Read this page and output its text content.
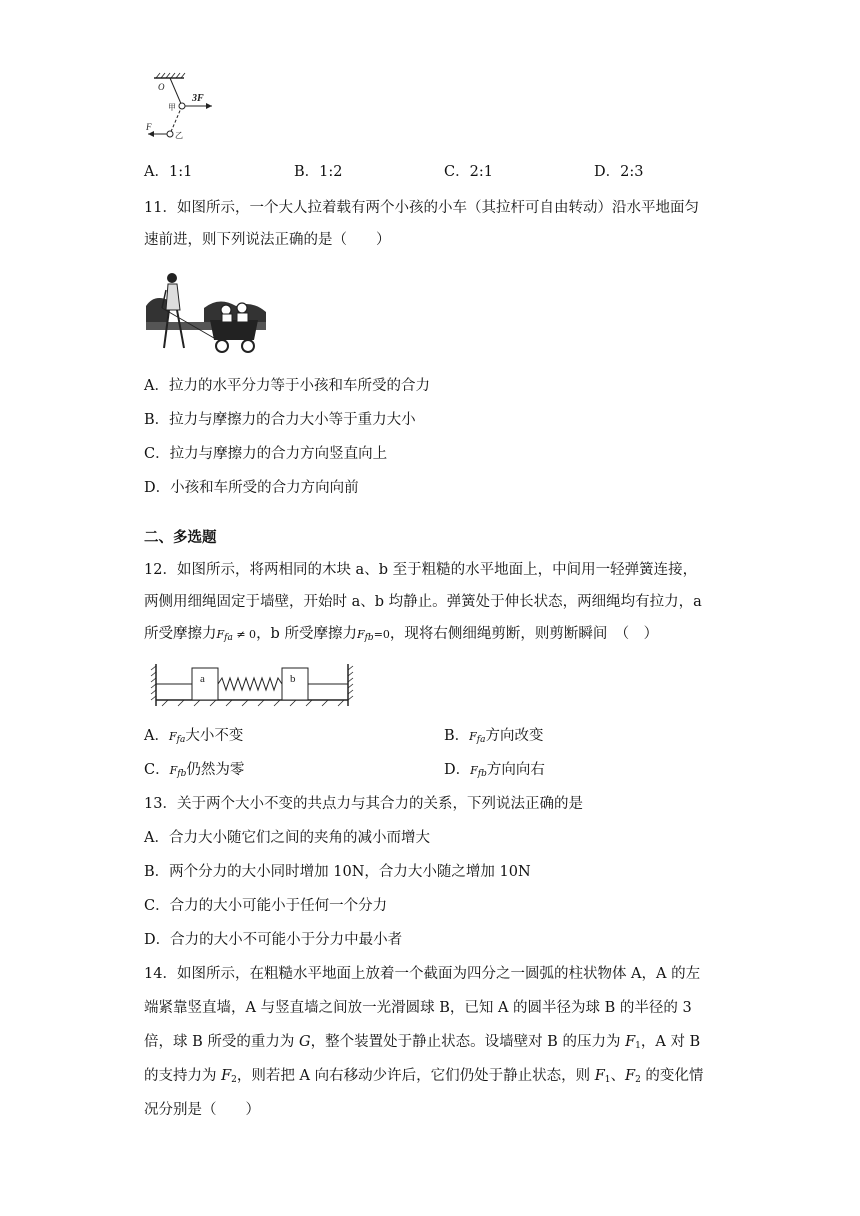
O
甲
3F
F
乙
A．1:1	B．1:2	C．2:1	D．2:3
11．如图所示，一个大人拉着载有两个小孩的小车（其拉杆可自由转动）沿水平地面匀
速前进，则下列说法正确的是（　　）
A．拉力的水平分力等于小孩和车所受的合力
B．拉力与摩擦力的合力大小等于重力大小
C．拉力与摩擦力的合力方向竖直向上
D．小孩和车所受的合力方向向前
二、多选题
12．如图所示，将两相同的木块 a、b 至于粗糙的水平地面上，中间用一轻弹簧连接，
两侧用细绳固定于墙壁，开始时 a、b 均静止。弹簧处于伸长状态，两细绳均有拉力，a
所受摩擦力$F_{fa} \ne 0$，b 所受摩擦力$F_{fb}=0$，现将右侧细绳剪断，则剪断瞬间　（　）
a	b
A．$F_{fa}$大小不变	B．$F_{fa}$方向改变
C．$F_{fb}$仍然为零	D．$F_{fb}$方向向右
13．关于两个大小不变的共点力与其合力的关系，下列说法正确的是
A．合力大小随它们之间的夹角的减小而增大
B．两个分力的大小同时增加 10N，合力大小随之增加 10N
C．合力的大小可能小于任何一个分力
D．合力的大小不可能小于分力中最小者
14．如图所示，在粗糙水平地面上放着一个截面为四分之一圆弧的柱状物体 A，A 的左
端紧靠竖直墙，A 与竖直墙之间放一光滑圆球 B，已知 A 的圆半径为球 B 的半径的 3
倍，球 B 所受的重力为 G，整个装置处于静止状态。设墙壁对 B 的压力为 $F_1$，A 对 B
的支持力为 $F_2$，则若把 A 向右移动少许后，它们仍处于静止状态，则 $F_1$、$F_2$ 的变化情
况分别是（　　）
